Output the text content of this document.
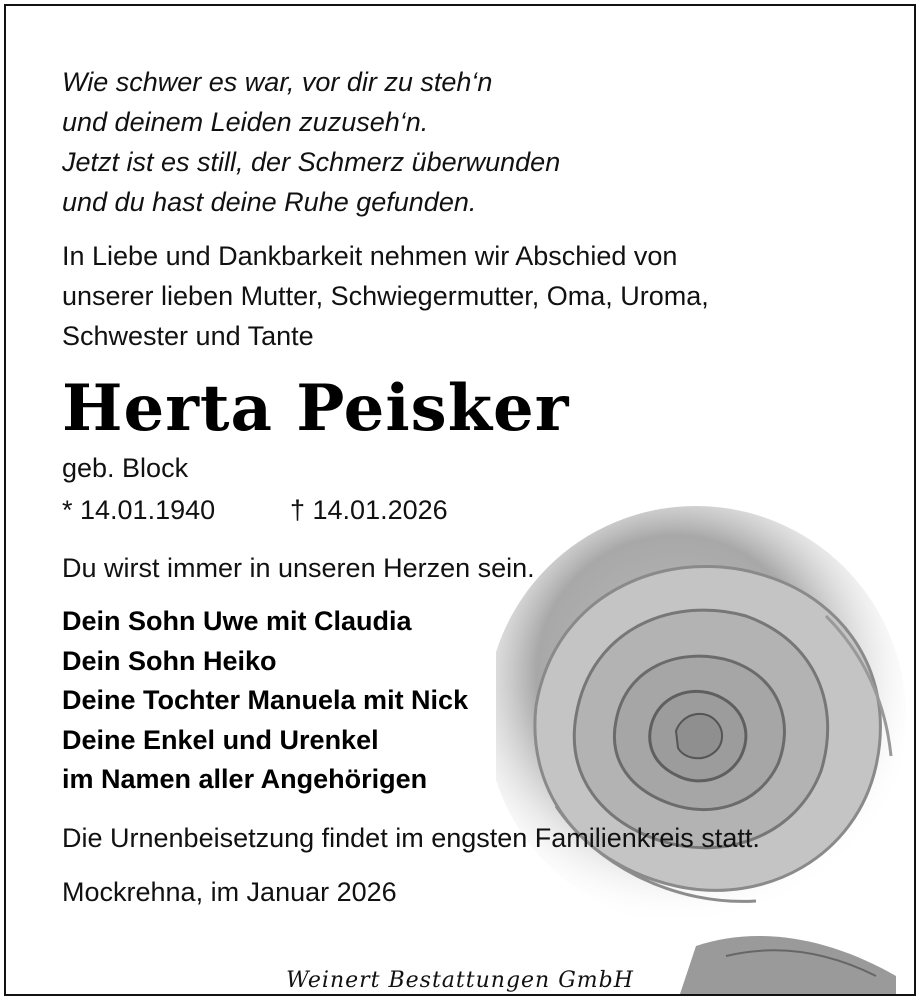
Wie schwer es war, vor dir zu steh‘n

und deinem Leiden zuzuseh‘n.

Jetzt ist es still, der Schmerz überwunden

und du hast deine Ruhe gefunden.

In Liebe und Dankbarkeit nehmen wir Abschied von

unserer lieben Mutter, Schwiegermutter, Oma, Uroma,

Schwester und Tante

Herta Peisker

geb. Block

* 14.01.1940	† 14.01.2026
Du wirst immer in unseren Herzen sein.

Dein Sohn Uwe mit Claudia

Dein Sohn Heiko

Deine Tochter Manuela mit Nick

Deine Enkel und Urenkel

im Namen aller Angehörigen

Die Urnenbeisetzung findet im engsten Familienkreis statt.
Mockrehna, im Januar 2026
Weinert Bestattungen GmbH
